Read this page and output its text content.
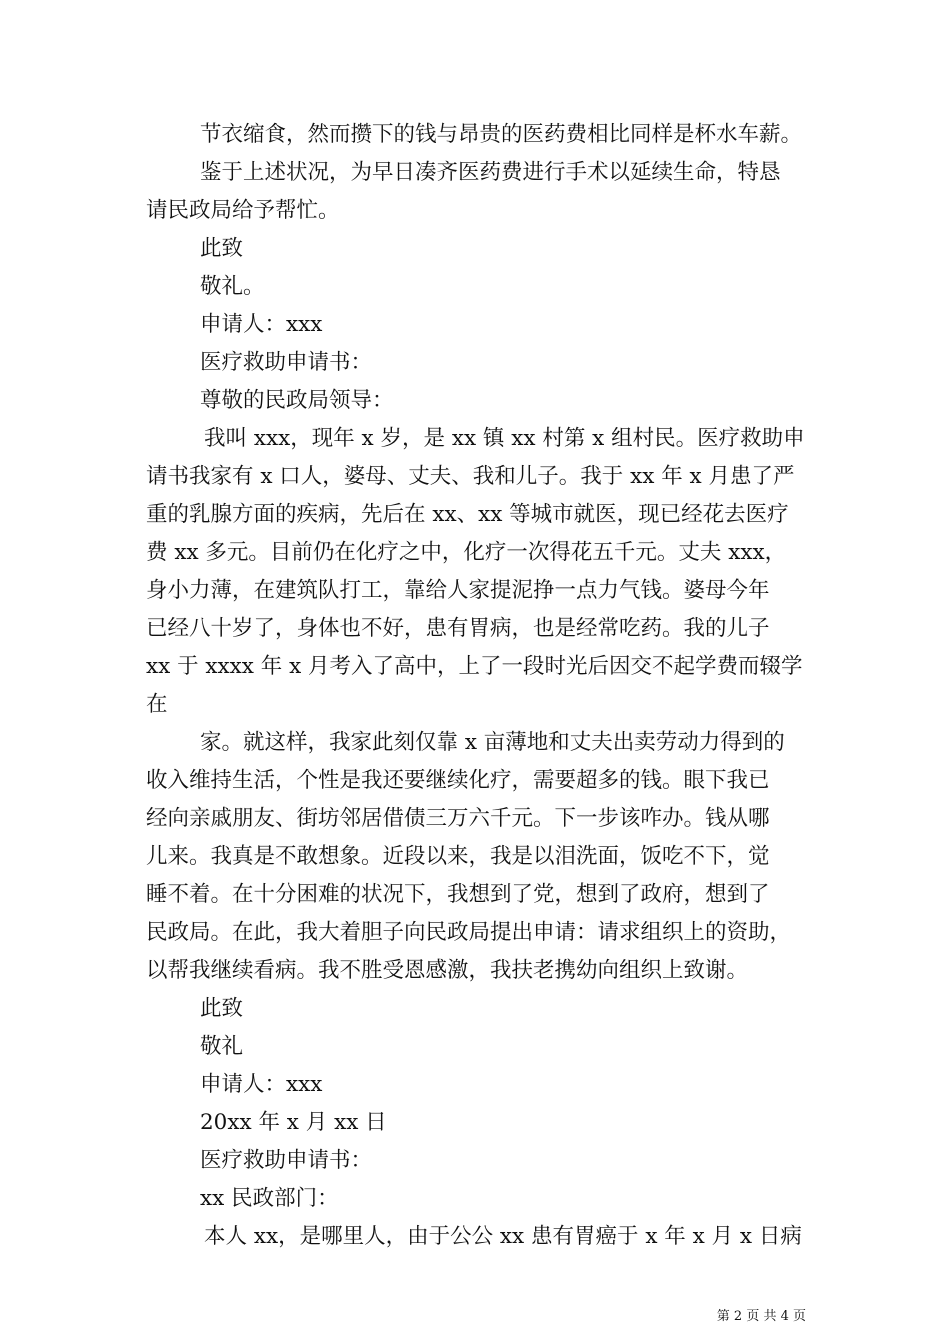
节衣缩食，然而攒下的钱与昂贵的医药费相比同样是杯水车薪。
鉴于上述状况，为早日凑齐医药费进行手术以延续生命，特恳
请民政局给予帮忙。
此致
敬礼。
申请人：xxx
医疗救助申请书：
尊敬的民政局领导：
我叫 xxx，现年 x 岁，是 xx 镇 xx 村第 x 组村民。医疗救助申
请书我家有 x 口人，婆母、丈夫、我和儿子。我于 xx 年 x 月患了严
重的乳腺方面的疾病，先后在 xx、xx 等城市就医，现已经花去医疗
费 xx 多元。目前仍在化疗之中，化疗一次得花五千元。丈夫 xxx，
身小力薄，在建筑队打工，靠给人家提泥挣一点力气钱。婆母今年
已经八十岁了，身体也不好，患有胃病，也是经常吃药。我的儿子
xx 于 xxxx 年 x 月考入了高中，上了一段时光后因交不起学费而辍学
在
家。就这样，我家此刻仅靠 x 亩薄地和丈夫出卖劳动力得到的
收入维持生活，个性是我还要继续化疗，需要超多的钱。眼下我已
经向亲戚朋友、街坊邻居借债三万六千元。下一步该咋办。钱从哪
儿来。我真是不敢想象。近段以来，我是以泪洗面，饭吃不下，觉
睡不着。在十分困难的状况下，我想到了党，想到了政府，想到了
民政局。在此，我大着胆子向民政局提出申请：请求组织上的资助，
以帮我继续看病。我不胜受恩感激，我扶老携幼向组织上致谢。
此致
敬礼
申请人：xxx
20xx 年 x 月 xx 日
医疗救助申请书：
xx 民政部门：
本人 xx，是哪里人，由于公公 xx 患有胃癌于 x 年 x 月 x 日病
第 2 页 共 4 页
